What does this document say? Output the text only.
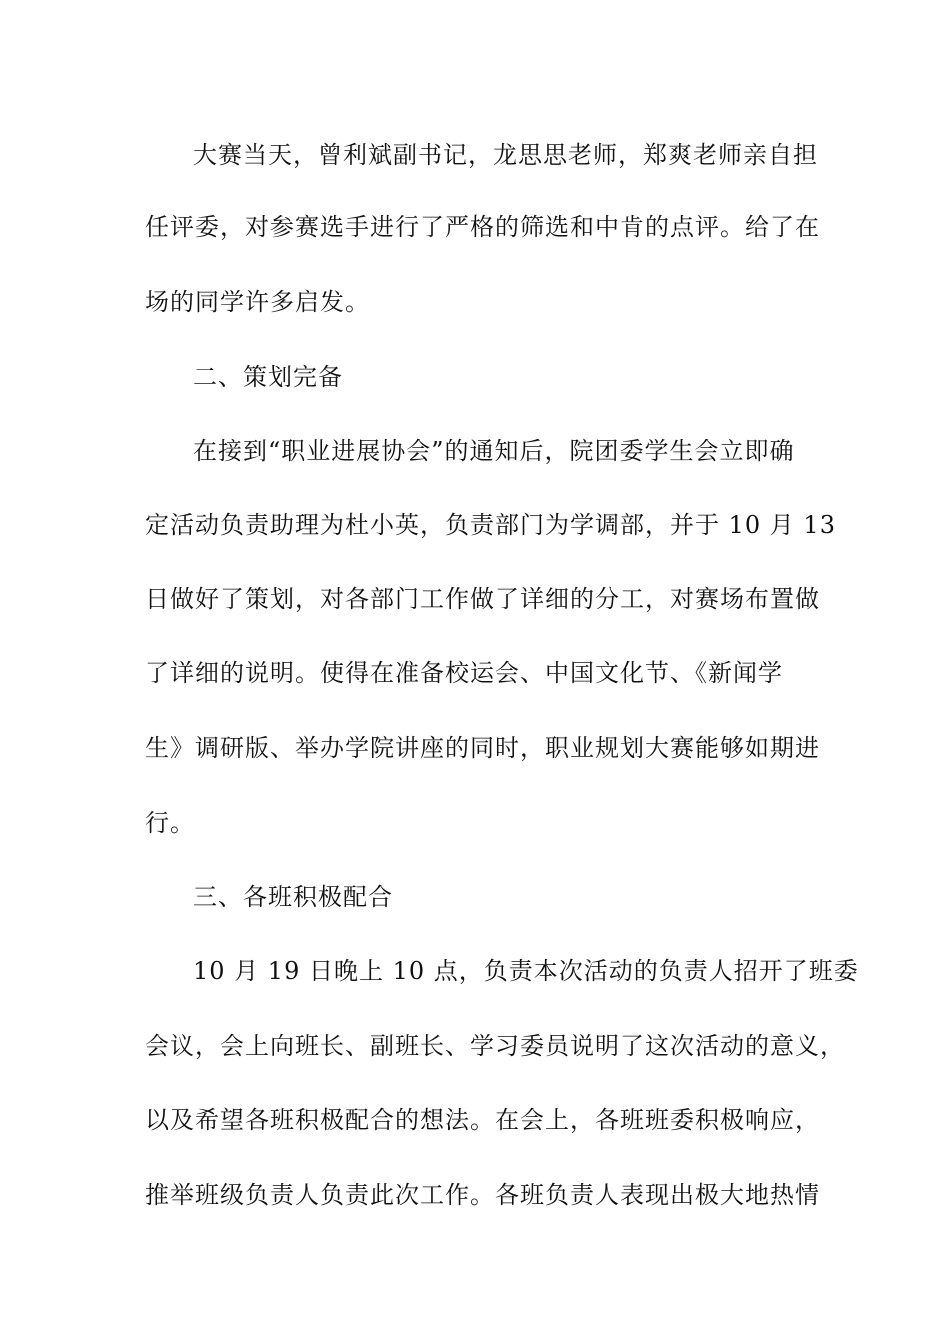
大赛当天，曾利斌副书记，龙思思老师，郑爽老师亲自担
任评委，对参赛选手进行了严格的筛选和中肯的点评。给了在
场的同学许多启发。
二、策划完备
在接到“职业进展协会”的通知后，院团委学生会立即确
定活动负责助理为杜小英，负责部门为学调部，并于 10 月 13
日做好了策划，对各部门工作做了详细的分工，对赛场布置做
了详细的说明。使得在准备校运会、中国文化节、《新闻学
生》调研版、举办学院讲座的同时，职业规划大赛能够如期进
行。
三、各班积极配合
10 月 19 日晚上 10 点，负责本次活动的负责人招开了班委
会议，会上向班长、副班长、学习委员说明了这次活动的意义，
以及希望各班积极配合的想法。在会上，各班班委积极响应，
推举班级负责人负责此次工作。各班负责人表现出极大地热情
